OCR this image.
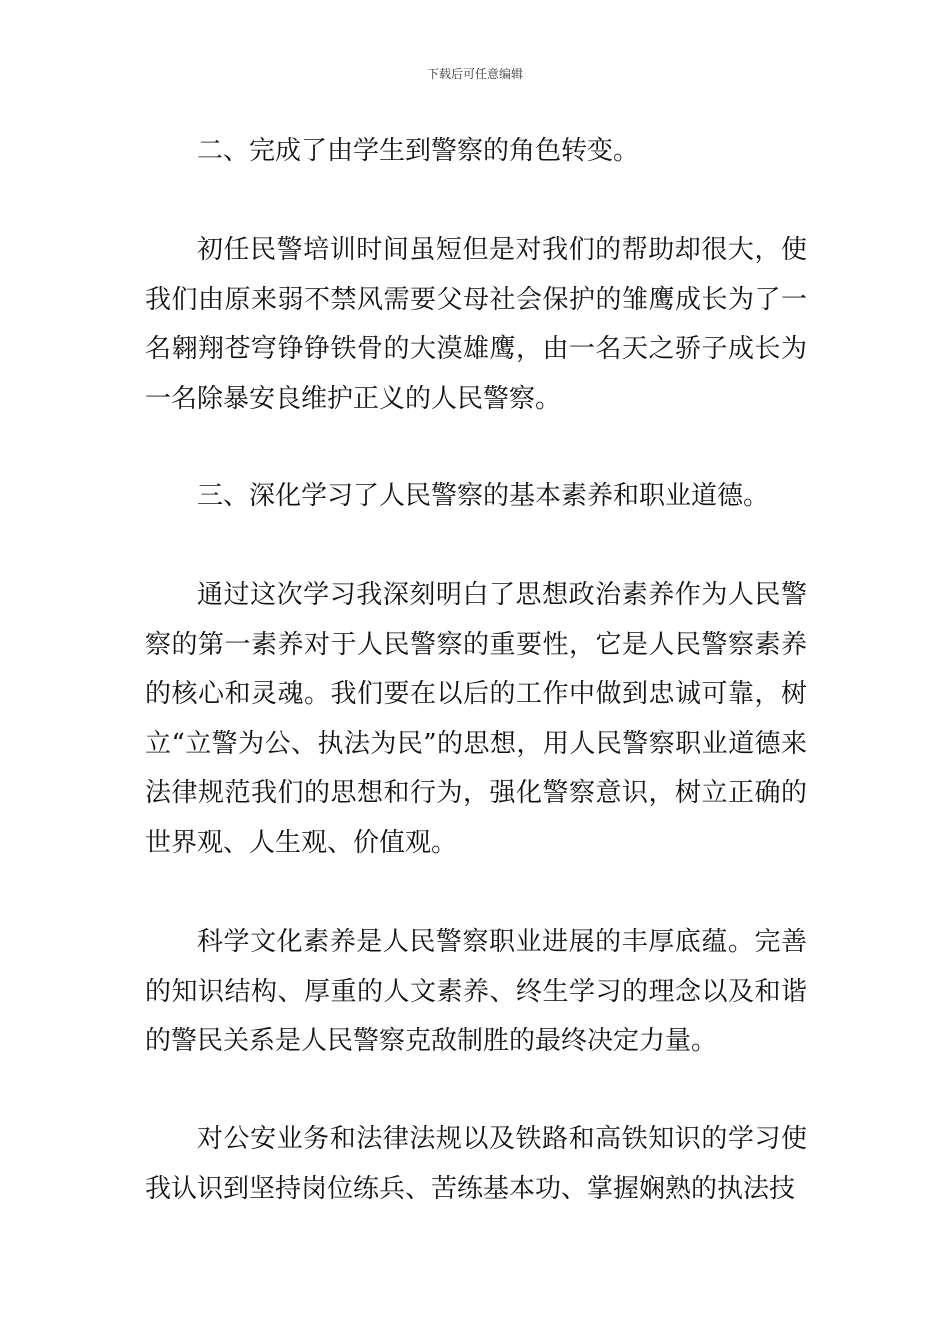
下载后可任意编辑

二、完成了由学生到警察的角色转变。

初任民警培训时间虽短但是对我们的帮助却很大，使我们由原来弱不禁风需要父母社会保护的雏鹰成长为了一名翱翔苍穹铮铮铁骨的大漠雄鹰，由一名天之骄子成长为一名除暴安良维护正义的人民警察。

三、深化学习了人民警察的基本素养和职业道德。

通过这次学习我深刻明白了思想政治素养作为人民警察的第一素养对于人民警察的重要性，它是人民警察素养的核心和灵魂。我们要在以后的工作中做到忠诚可靠，树立“立警为公、执法为民”的思想，用人民警察职业道德来法律规范我们的思想和行为，强化警察意识，树立正确的世界观、人生观、价值观。

科学文化素养是人民警察职业进展的丰厚底蕴。完善的知识结构、厚重的人文素养、终生学习的理念以及和谐的警民关系是人民警察克敌制胜的最终决定力量。

对公安业务和法律法规以及铁路和高铁知识的学习使我认识到坚持岗位练兵、苦练基本功、掌握娴熟的执法技
